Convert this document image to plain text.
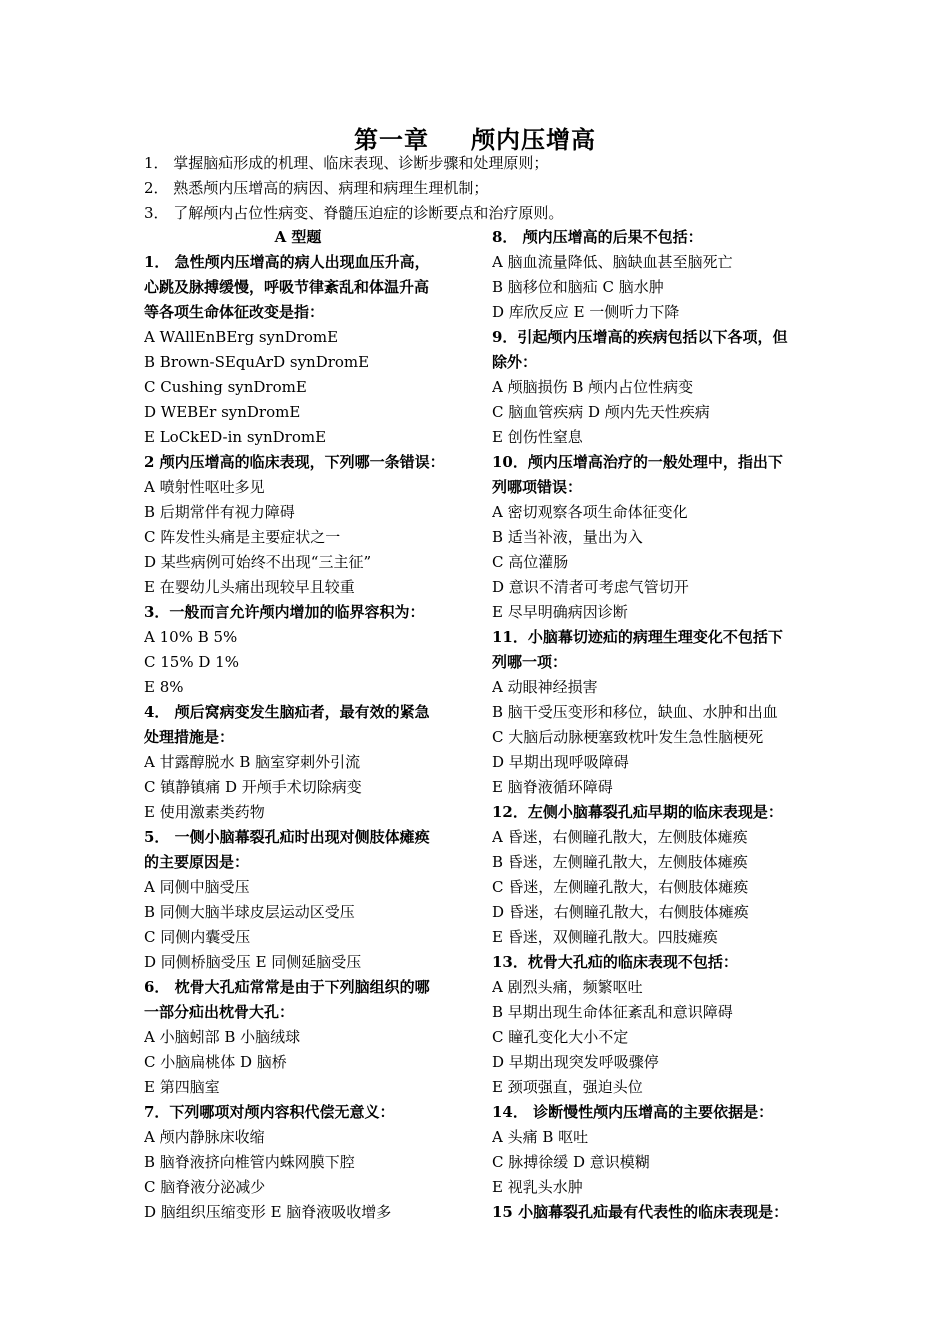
第一章 颅内压增高
1． 掌握脑疝形成的机理、临床表现、诊断步骤和处理原则；
2． 熟悉颅内压增高的病因、病理和病理生理机制；
3． 了解颅内占位性病变、脊髓压迫症的诊断要点和治疗原则。
A 型题
1． 急性颅内压增高的病人出现血压升高，
心跳及脉搏缓慢，呼吸节律紊乱和体温升高
等各项生命体征改变是指：
A WAllEnBErg synDromE
B Brown-SEquArD synDromE
C Cushing synDromE
D WEBEr synDromE
E LoCkED-in synDromE
2 颅内压增高的临床表现，下列哪一条错误：
A 喷射性呕吐多见
B 后期常伴有视力障碍
C 阵发性头痛是主要症状之一
D 某些病例可始终不出现“三主征”
E 在婴幼儿头痛出现较早且较重
3．一般而言允许颅内增加的临界容积为：
A 10% B 5%
C 15% D 1%
E 8%
4． 颅后窝病变发生脑疝者，最有效的紧急
处理措施是：
A 甘露醇脱水 B 脑室穿刺外引流
C 镇静镇痛 D 开颅手术切除病变
E 使用激素类药物
5． 一侧小脑幕裂孔疝时出现对侧肢体瘫痪
的主要原因是：
A 同侧中脑受压
B 同侧大脑半球皮层运动区受压
C 同侧内囊受压
D 同侧桥脑受压 E 同侧延脑受压
6． 枕骨大孔疝常常是由于下列脑组织的哪
一部分疝出枕骨大孔：
A 小脑蚓部 B 小脑绒球
C 小脑扁桃体 D 脑桥
E 第四脑室
7．下列哪项对颅内容积代偿无意义：
A 颅内静脉床收缩
B 脑脊液挤向椎管内蛛网膜下腔
C 脑脊液分泌减少
D 脑组织压缩变形 E 脑脊液吸收增多
8． 颅内压增高的后果不包括：
A 脑血流量降低、脑缺血甚至脑死亡
B 脑移位和脑疝 C 脑水肿
D 库欣反应 E 一侧听力下降
9．引起颅内压增高的疾病包括以下各项，但
除外：
A 颅脑损伤 B 颅内占位性病变
C 脑血管疾病 D 颅内先天性疾病
E 创伤性窒息
10．颅内压增高治疗的一般处理中，指出下
列哪项错误：
A 密切观察各项生命体征变化
B 适当补液，量出为入
C 高位灌肠
D 意识不清者可考虑气管切开
E 尽早明确病因诊断
11．小脑幕切迹疝的病理生理变化不包括下
列哪一项：
A 动眼神经损害
B 脑干受压变形和移位，缺血、水肿和出血
C 大脑后动脉梗塞致枕叶发生急性脑梗死
D 早期出现呼吸障碍
E 脑脊液循环障碍
12．左侧小脑幕裂孔疝早期的临床表现是：
A 昏迷，右侧瞳孔散大，左侧肢体瘫痪
B 昏迷，左侧瞳孔散大，左侧肢体瘫痪
C 昏迷，左侧瞳孔散大，右侧肢体瘫痪
D 昏迷，右侧瞳孔散大，右侧肢体瘫痪
E 昏迷，双侧瞳孔散大。四肢瘫痪
13．枕骨大孔疝的临床表现不包括：
A 剧烈头痛，频繁呕吐
B 早期出现生命体征紊乱和意识障碍
C 瞳孔变化大小不定
D 早期出现突发呼吸骤停
E 颈项强直，强迫头位
14． 诊断慢性颅内压增高的主要依据是：
A 头痛 B 呕吐
C 脉搏徐缓 D 意识模糊
E 视乳头水肿
15 小脑幕裂孔疝最有代表性的临床表现是：
